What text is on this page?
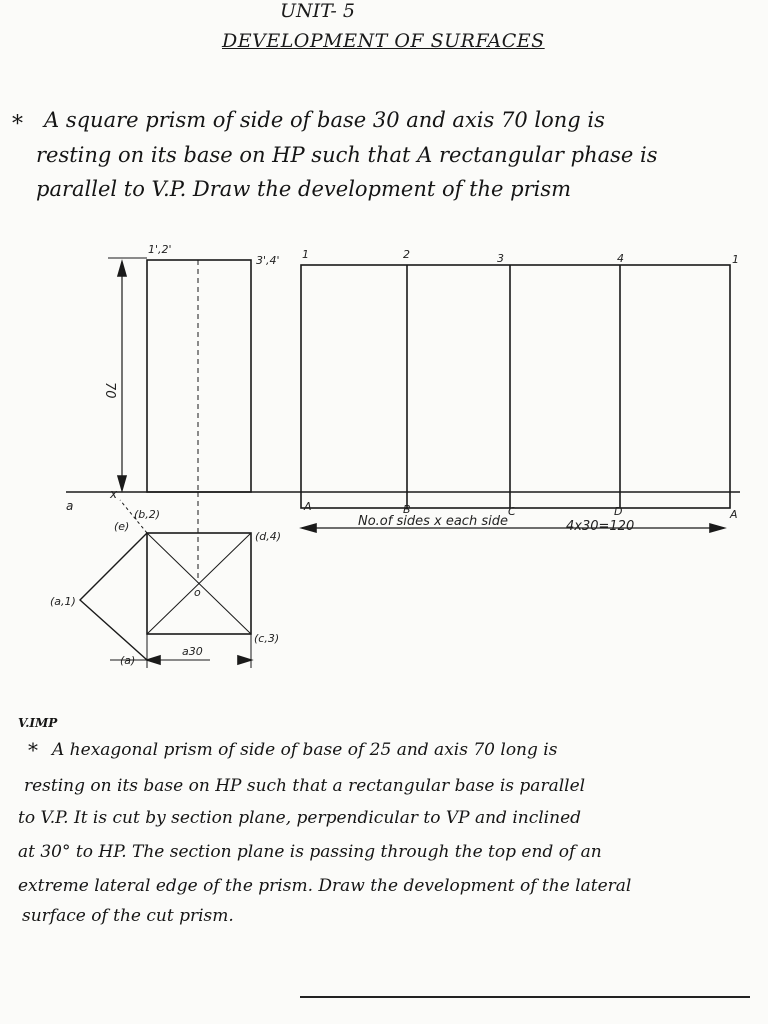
UNIT- 5
DEVELOPMENT OF SURFACES
* A square prism of side of base 30 and axis 70 long is
resting on its base on HP such that A rectangular phase is
parallel to V.P. Draw the development of the prism
1',2'
3',4'
70
a
x
(b,2)
(e)
(d,4)
(a,1)
(c,3)
o
(a)
a30
1	2	3	4	1
A	B	C	D	A
No.of sides x each side	4x30=120
V.IMP
* A hexagonal prism of side of base of 25 and axis 70 long is
resting on its base on HP such that a rectangular base is parallel
to V.P. It is cut by section plane, perpendicular to VP and inclined
at 30° to HP. The section plane is passing through the top end of an
extreme lateral edge of the prism. Draw the development of the lateral
surface of the cut prism.
